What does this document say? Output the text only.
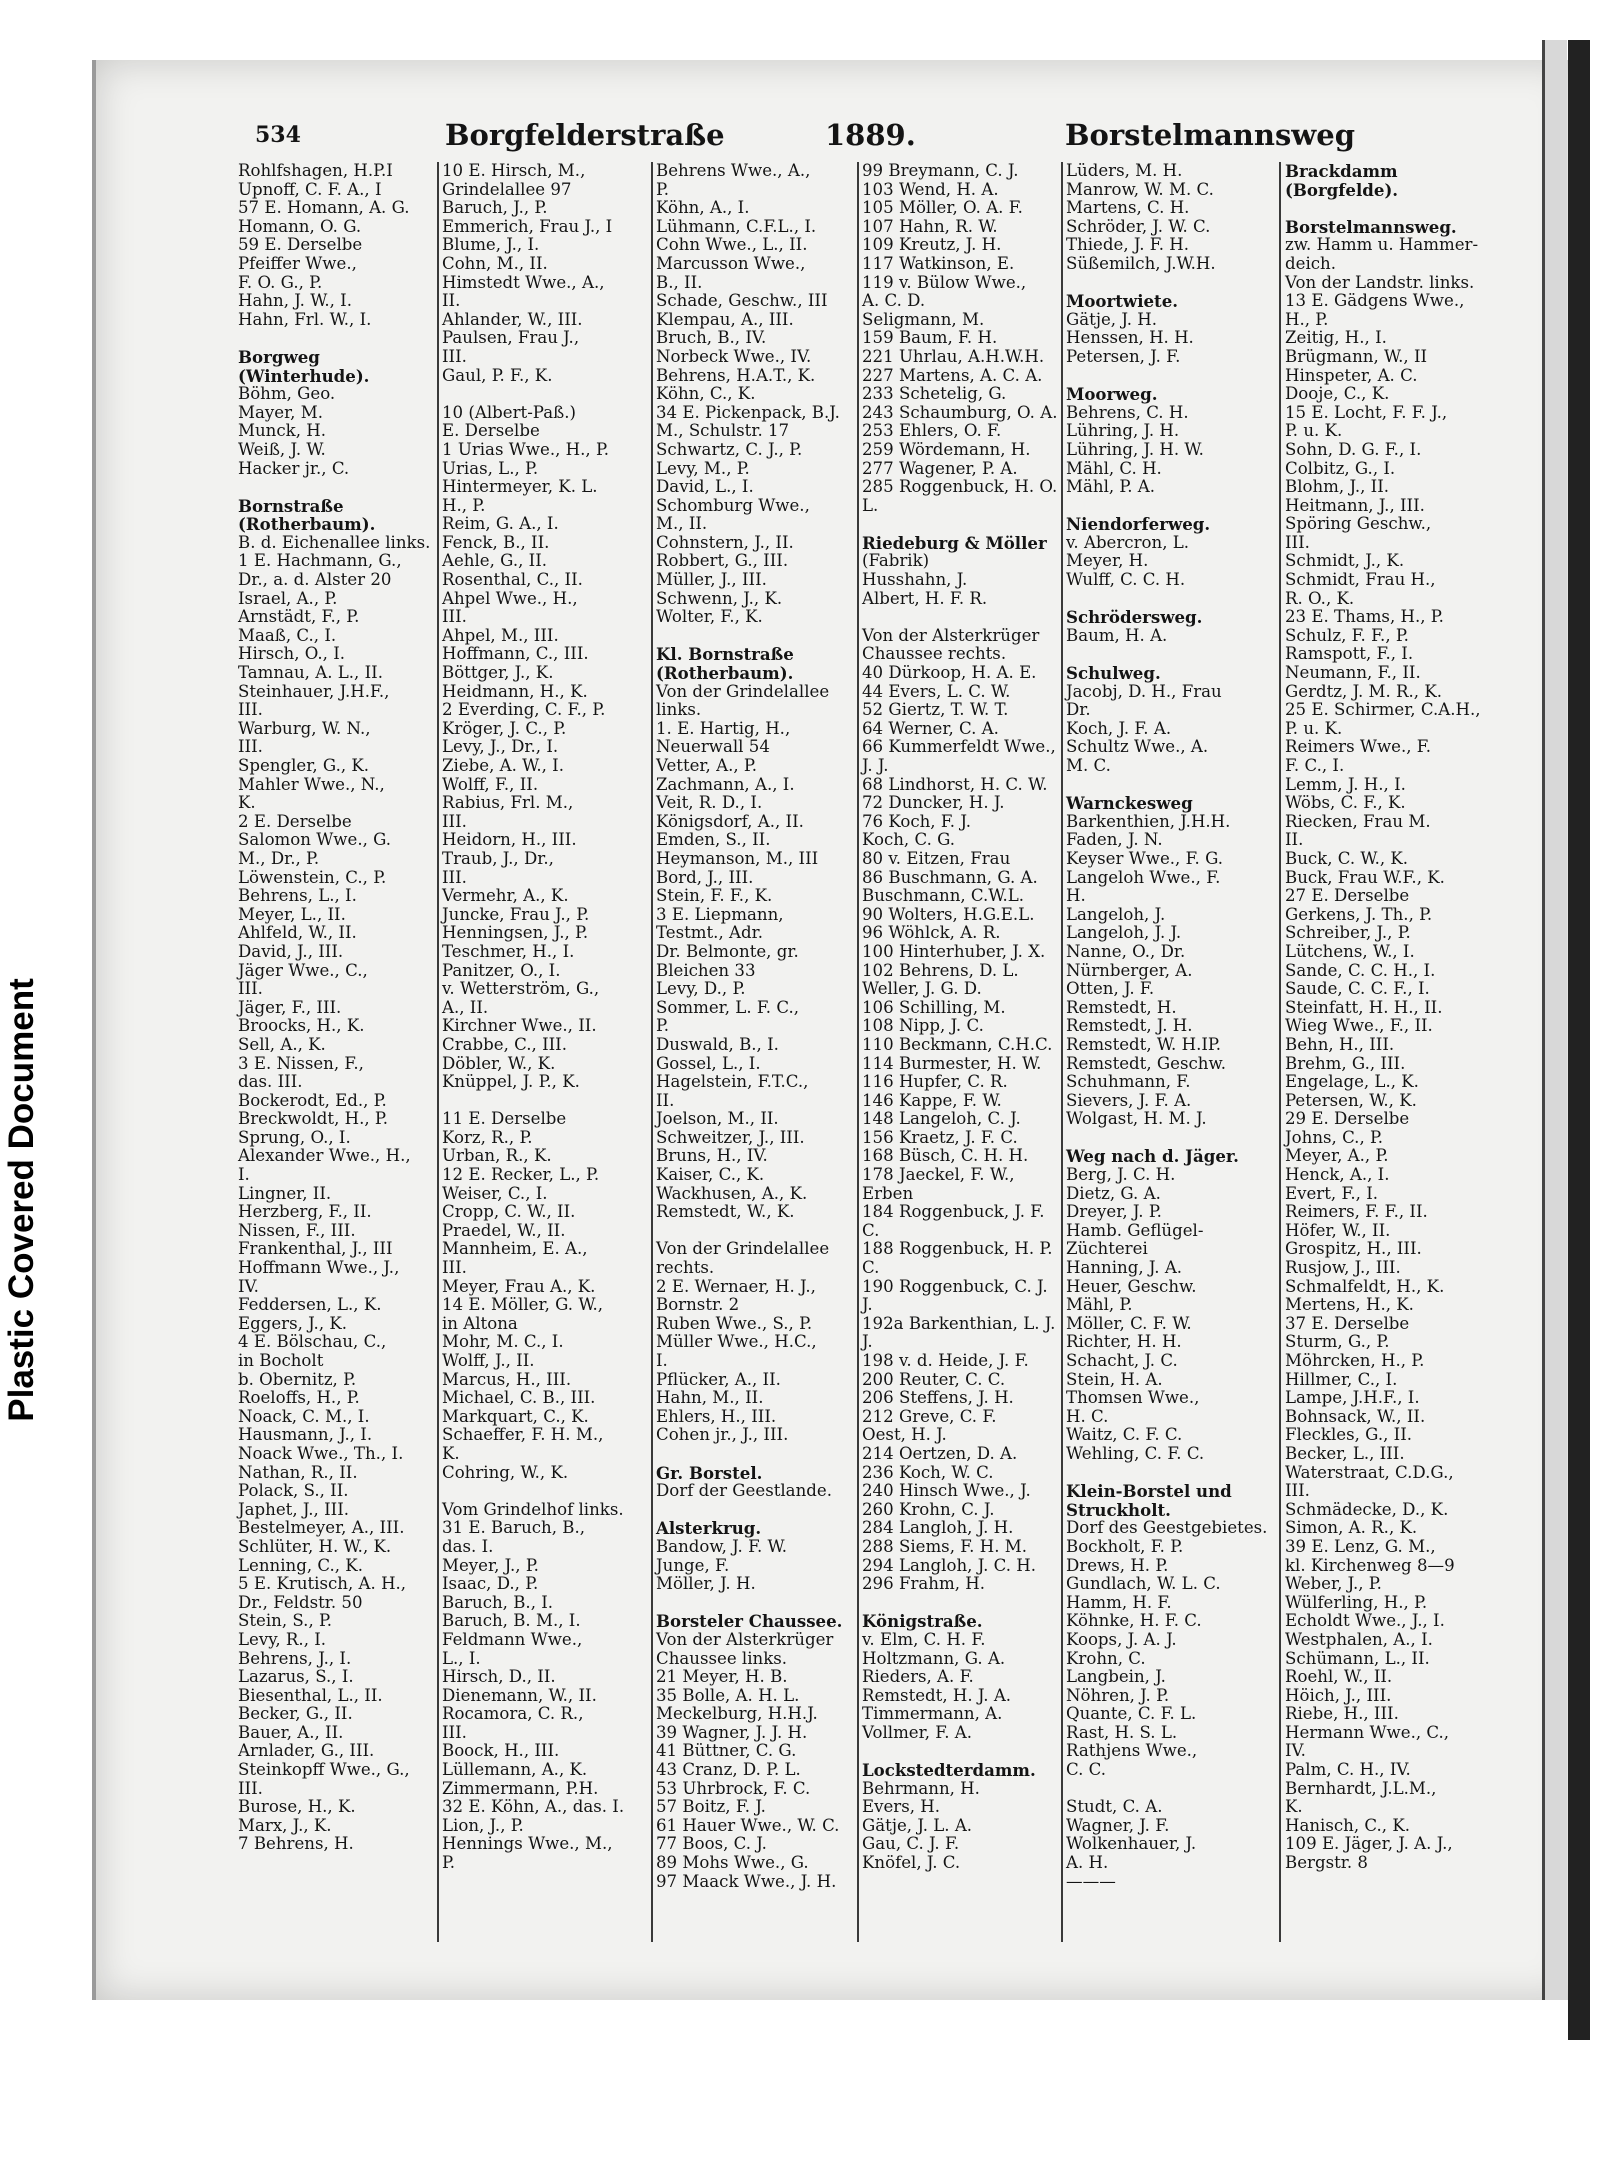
Plastic Covered Document
534	Borgfelderstraße	1889.	Borstelmannsweg
Rohlfshagen, H.P.I
Upnoff, C. F. A., I
57 E. Homann, A. G.
Homann, O. G.
59 E. Derselbe
Pfeiffer Wwe.,
F. O. G., P.
Hahn, J. W., I.
Hahn, Frl. W., I.
Borgweg
(Winterhude).
Böhm, Geo.
Mayer, M.
Munck, H.
Weiß, J. W.
Hacker jr., C.
Bornstraße
(Rotherbaum).
B. d. Eichenallee links.
1 E. Hachmann, G.,
Dr., a. d. Alster 20
Israel, A., P.
Arnstädt, F., P.
Maaß, C., I.
Hirsch, O., I.
Tamnau, A. L., II.
Steinhauer, J.H.F.,
III.
Warburg, W. N.,
III.
Spengler, G., K.
Mahler Wwe., N.,
K.
2 E. Derselbe
Salomon Wwe., G.
M., Dr., P.
Löwenstein, C., P.
Behrens, L., I.
Meyer, L., II.
Ahlfeld, W., II.
David, J., III.
Jäger Wwe., C.,
III.
Jäger, F., III.
Broocks, H., K.
Sell, A., K.
3 E. Nissen, F.,
das. III.
Bockerodt, Ed., P.
Breckwoldt, H., P.
Sprung, O., I.
Alexander Wwe., H.,
I.
Lingner, II.
Herzberg, F., II.
Nissen, F., III.
Frankenthal, J., III
Hoffmann Wwe., J.,
IV.
Feddersen, L., K.
Eggers, J., K.
4 E. Bölschau, C.,
in Bocholt
b. Obernitz, P.
Roeloffs, H., P.
Noack, C. M., I.
Hausmann, J., I.
Noack Wwe., Th., I.
Nathan, R., II.
Polack, S., II.
Japhet, J., III.
Bestelmeyer, A., III.
Schlüter, H. W., K.
Lenning, C., K.
5 E. Krutisch, A. H.,
Dr., Feldstr. 50
Stein, S., P.
Levy, R., I.
Behrens, J., I.
Lazarus, S., I.
Biesenthal, L., II.
Becker, G., II.
Bauer, A., II.
Arnlader, G., III.
Steinkopff Wwe., G.,
III.
Burose, H., K.
Marx, J., K.
7 Behrens, H.
10 E. Hirsch, M.,
Grindelallee 97
Baruch, J., P.
Emmerich, Frau J., I
Blume, J., I.
Cohn, M., II.
Himstedt Wwe., A.,
II.
Ahlander, W., III.
Paulsen, Frau J.,
III.
Gaul, P. F., K.
10 (Albert-Paß.)
E. Derselbe
1 Urias Wwe., H., P.
Urias, L., P.
Hintermeyer, K. L.
H., P.
Reim, G. A., I.
Fenck, B., II.
Aehle, G., II.
Rosenthal, C., II.
Ahpel Wwe., H.,
III.
Ahpel, M., III.
Hoffmann, C., III.
Böttger, J., K.
Heidmann, H., K.
2 Everding, C. F., P.
Kröger, J. C., P.
Levy, J., Dr., I.
Ziebe, A. W., I.
Wolff, F., II.
Rabius, Frl. M.,
III.
Heidorn, H., III.
Traub, J., Dr.,
III.
Vermehr, A., K.
Juncke, Frau J., P.
Henningsen, J., P.
Teschmer, H., I.
Panitzer, O., I.
v. Wetterström, G.,
A., II.
Kirchner Wwe., II.
Crabbe, C., III.
Döbler, W., K.
Knüppel, J. P., K.
11 E. Derselbe
Korz, R., P.
Urban, R., K.
12 E. Recker, L., P.
Weiser, C., I.
Cropp, C. W., II.
Praedel, W., II.
Mannheim, E. A.,
III.
Meyer, Frau A., K.
14 E. Möller, G. W.,
in Altona
Mohr, M. C., I.
Wolff, J., II.
Marcus, H., III.
Michael, C. B., III.
Markquart, C., K.
Schaeffer, F. H. M.,
K.
Cohring, W., K.
Vom Grindelhof links.
31 E. Baruch, B.,
das. I.
Meyer, J., P.
Isaac, D., P.
Baruch, B., I.
Baruch, B. M., I.
Feldmann Wwe.,
L., I.
Hirsch, D., II.
Dienemann, W., II.
Rocamora, C. R.,
III.
Boock, H., III.
Lüllemann, A., K.
Zimmermann, P.H.
32 E. Köhn, A., das. I.
Lion, J., P.
Hennings Wwe., M.,
P.
Behrens Wwe., A.,
P.
Köhn, A., I.
Lühmann, C.F.L., I.
Cohn Wwe., L., II.
Marcusson Wwe.,
B., II.
Schade, Geschw., III
Klempau, A., III.
Bruch, B., IV.
Norbeck Wwe., IV.
Behrens, H.A.T., K.
Köhn, C., K.
34 E. Pickenpack, B.J.
M., Schulstr. 17
Schwartz, C. J., P.
Levy, M., P.
David, L., I.
Schomburg Wwe.,
M., II.
Cohnstern, J., II.
Robbert, G., III.
Müller, J., III.
Schwenn, J., K.
Wolter, F., K.
Kl. Bornstraße
(Rotherbaum).
Von der Grindelallee
links.
1. E. Hartig, H.,
Neuerwall 54
Vetter, A., P.
Zachmann, A., I.
Veit, R. D., I.
Königsdorf, A., II.
Emden, S., II.
Heymanson, M., III
Bord, J., III.
Stein, F. F., K.
3 E. Liepmann,
Testmt., Adr.
Dr. Belmonte, gr.
Bleichen 33
Levy, D., P.
Sommer, L. F. C.,
P.
Duswald, B., I.
Gossel, L., I.
Hagelstein, F.T.C.,
II.
Joelson, M., II.
Schweitzer, J., III.
Bruns, H., IV.
Kaiser, C., K.
Wackhusen, A., K.
Remstedt, W., K.
Von der Grindelallee
rechts.
2 E. Wernaer, H. J.,
Bornstr. 2
Ruben Wwe., S., P.
Müller Wwe., H.C.,
I.
Pflücker, A., II.
Hahn, M., II.
Ehlers, H., III.
Cohen jr., J., III.
Gr. Borstel.
Dorf der Geestlande.
Alsterkrug.
Bandow, J. F. W.
Junge, F.
Möller, J. H.
Borsteler Chaussee.
Von der Alsterkrüger
Chaussee links.
21 Meyer, H. B.
35 Bolle, A. H. L.
Meckelburg, H.H.J.
39 Wagner, J. J. H.
41 Büttner, C. G.
43 Cranz, D. P. L.
53 Uhrbrock, F. C.
57 Boitz, F. J.
61 Hauer Wwe., W. C.
77 Boos, C. J.
89 Mohs Wwe., G.
97 Maack Wwe., J. H.
99 Breymann, C. J.
103 Wend, H. A.
105 Möller, O. A. F.
107 Hahn, R. W.
109 Kreutz, J. H.
117 Watkinson, E.
119 v. Bülow Wwe.,
A. C. D.
Seligmann, M.
159 Baum, F. H.
221 Uhrlau, A.H.W.H.
227 Martens, A. C. A.
233 Schetelig, G.
243 Schaumburg, O. A.
253 Ehlers, O. F.
259 Wördemann, H.
277 Wagener, P. A.
285 Roggenbuck, H. O.
L.
Riedeburg & Möller
(Fabrik)
Husshahn, J.
Albert, H. F. R.
Von der Alsterkrüger
Chaussee rechts.
40 Dürkoop, H. A. E.
44 Evers, L. C. W.
52 Giertz, T. W. T.
64 Werner, C. A.
66 Kummerfeldt Wwe.,
J. J.
68 Lindhorst, H. C. W.
72 Duncker, H. J.
76 Koch, F. J.
Koch, C. G.
80 v. Eitzen, Frau
86 Buschmann, G. A.
Buschmann, C.W.L.
90 Wolters, H.G.E.L.
96 Wöhlck, A. R.
100 Hinterhuber, J. X.
102 Behrens, D. L.
Weller, J. G. D.
106 Schilling, M.
108 Nipp, J. C.
110 Beckmann, C.H.C.
114 Burmester, H. W.
116 Hupfer, C. R.
146 Kappe, F. W.
148 Langeloh, C. J.
156 Kraetz, J. F. C.
168 Büsch, C. H. H.
178 Jaeckel, F. W.,
Erben
184 Roggenbuck, J. F.
C.
188 Roggenbuck, H. P.
C.
190 Roggenbuck, C. J.
J.
192a Barkenthian, L. J.
J.
198 v. d. Heide, J. F.
200 Reuter, C. C.
206 Steffens, J. H.
212 Greve, C. F.
Oest, H. J.
214 Oertzen, D. A.
236 Koch, W. C.
240 Hinsch Wwe., J.
260 Krohn, C. J.
284 Langloh, J. H.
288 Siems, F. H. M.
294 Langloh, J. C. H.
296 Frahm, H.
Königstraße.
v. Elm, C. H. F.
Holtzmann, G. A.
Rieders, A. F.
Remstedt, H. J. A.
Timmermann, A.
Vollmer, F. A.
Lockstedterdamm.
Behrmann, H.
Evers, H.
Gätje, J. L. A.
Gau, C. J. F.
Knöfel, J. C.
Lüders, M. H.
Manrow, W. M. C.
Martens, C. H.
Schröder, J. W. C.
Thiede, J. F. H.
Süßemilch, J.W.H.
Moortwiete.
Gätje, J. H.
Henssen, H. H.
Petersen, J. F.
Moorweg.
Behrens, C. H.
Lühring, J. H.
Lühring, J. H. W.
Mähl, C. H.
Mähl, P. A.
Niendorferweg.
v. Abercron, L.
Meyer, H.
Wulff, C. C. H.
Schrödersweg.
Baum, H. A.
Schulweg.
Jacobj, D. H., Frau
Dr.
Koch, J. F. A.
Schultz Wwe., A.
M. C.
Warnckesweg
Barkenthien, J.H.H.
Faden, J. N.
Keyser Wwe., F. G.
Langeloh Wwe., F.
H.
Langeloh, J.
Langeloh, J. J.
Nanne, O., Dr.
Nürnberger, A.
Otten, J. F.
Remstedt, H.
Remstedt, J. H.
Remstedt, W. H.IP.
Remstedt, Geschw.
Schuhmann, F.
Sievers, J. F. A.
Wolgast, H. M. J.
Weg nach d. Jäger.
Berg, J. C. H.
Dietz, G. A.
Dreyer, J. P.
Hamb. Geflügel-
Züchterei
Hanning, J. A.
Heuer, Geschw.
Mähl, P.
Möller, C. F. W.
Richter, H. H.
Schacht, J. C.
Stein, H. A.
Thomsen Wwe.,
H. C.
Waitz, C. F. C.
Wehling, C. F. C.
Klein-Borstel und
Struckholt.
Dorf des Geestgebietes.
Bockholt, F. P.
Drews, H. P.
Gundlach, W. L. C.
Hamm, H. F.
Köhnke, H. F. C.
Koops, J. A. J.
Krohn, C.
Langbein, J.
Nöhren, J. P.
Quante, C. F. L.
Rast, H. S. L.
Rathjens Wwe.,
C. C.
Studt, C. A.
Wagner, J. F.
Wolkenhauer, J.
A. H.
———
Brackdamm
(Borgfelde).
Borstelmannsweg.
zw. Hamm u. Hammer-
deich.
Von der Landstr. links.
13 E. Gädgens Wwe.,
H., P.
Zeitig, H., I.
Brügmann, W., II
Hinspeter, A. C.
Dooje, C., K.
15 E. Locht, F. F. J.,
P. u. K.
Sohn, D. G. F., I.
Colbitz, G., I.
Blohm, J., II.
Heitmann, J., III.
Spöring Geschw.,
III.
Schmidt, J., K.
Schmidt, Frau H.,
R. O., K.
23 E. Thams, H., P.
Schulz, F. F., P.
Ramspott, F., I.
Neumann, F., II.
Gerdtz, J. M. R., K.
25 E. Schirmer, C.A.H.,
P. u. K.
Reimers Wwe., F.
F. C., I.
Lemm, J. H., I.
Wöbs, C. F., K.
Riecken, Frau M.
II.
Buck, C. W., K.
Buck, Frau W.F., K.
27 E. Derselbe
Gerkens, J. Th., P.
Schreiber, J., P.
Lütchens, W., I.
Sande, C. C. H., I.
Saude, C. C. F., I.
Steinfatt, H. H., II.
Wieg Wwe., F., II.
Behn, H., III.
Brehm, G., III.
Engelage, L., K.
Petersen, W., K.
29 E. Derselbe
Johns, C., P.
Meyer, A., P.
Henck, A., I.
Evert, F., I.
Reimers, F. F., II.
Höfer, W., II.
Grospitz, H., III.
Rusjow, J., III.
Schmalfeldt, H., K.
Mertens, H., K.
37 E. Derselbe
Sturm, G., P.
Möhrcken, H., P.
Hillmer, C., I.
Lampe, J.H.F., I.
Bohnsack, W., II.
Fleckles, G., II.
Becker, L., III.
Waterstraat, C.D.G.,
III.
Schmädecke, D., K.
Simon, A. R., K.
39 E. Lenz, G. M.,
kl. Kirchenweg 8—9
Weber, J., P.
Wülferling, H., P.
Echoldt Wwe., J., I.
Westphalen, A., I.
Schümann, L., II.
Roehl, W., II.
Höich, J., III.
Riebe, H., III.
Hermann Wwe., C.,
IV.
Palm, C. H., IV.
Bernhardt, J.L.M.,
K.
Hanisch, C., K.
109 E. Jäger, J. A. J.,
Bergstr. 8
